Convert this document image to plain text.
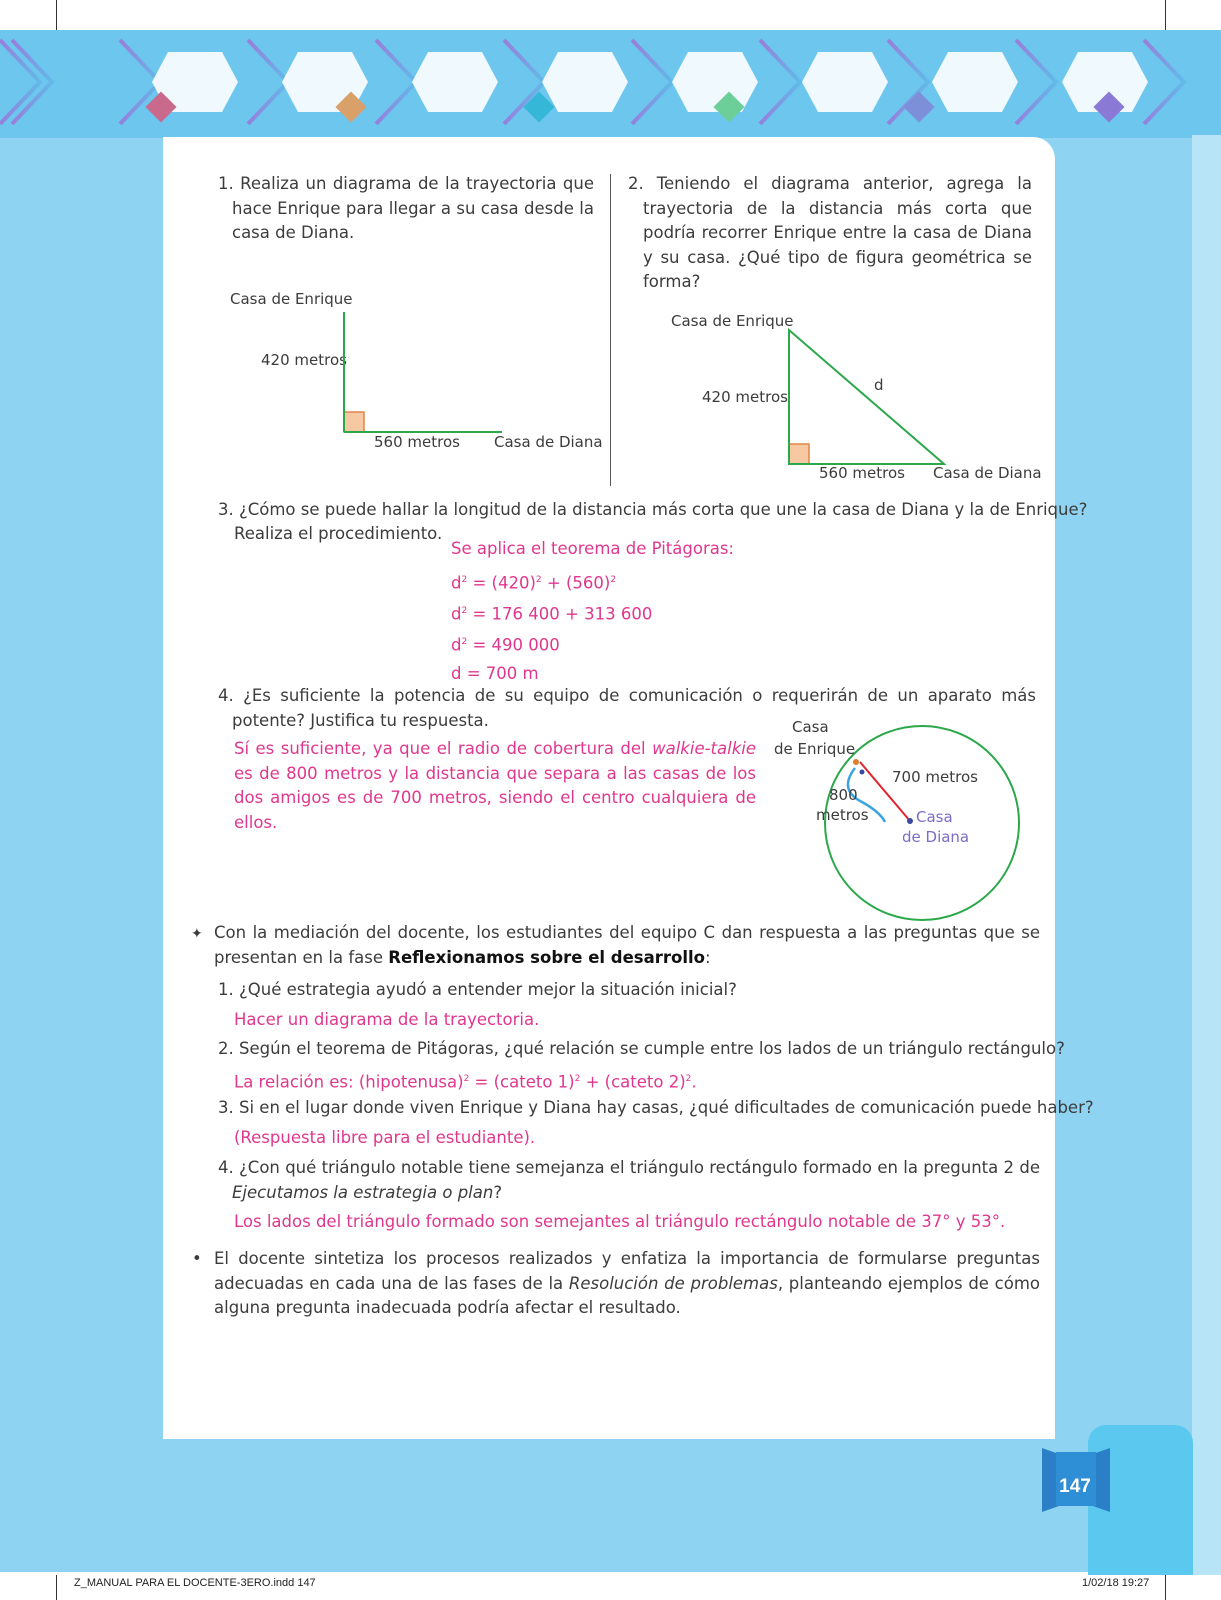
1. Realiza un diagrama de la trayectoria que hace Enrique para llegar a su casa desde la casa de Diana.
Casa de Enrique
420 metros
560 metros Casa de Diana
2. Teniendo el diagrama anterior, agrega la trayectoria de la distancia más corta que podría recorrer Enrique entre la casa de Diana y su casa. ¿Qué tipo de figura geométrica se forma?
Casa de Enrique
420 metros
d
560 metros Casa de Diana
3. ¿Cómo se puede hallar la longitud de la distancia más corta que une la casa de Diana y la de Enrique?
Realiza el procedimiento.
Se aplica el teorema de Pitágoras:
$d^2 = (420)^2 + (560)^2$
$d^2 = 176$ 400 + 313 600
$d^2 = 490$ 000
d = 700 m
4. ¿Es suficiente la potencia de su equipo de comunicación o requerirán de un aparato más potente? Justifica tu respuesta.
Sí es suficiente, ya que el radio de cobertura del walkie-talkie es de 800 metros y la distancia que separa a las casas de los dos amigos es de 700 metros, siendo el centro cualquiera de ellos.
Casa
de Enrique
700 metros
800
metros	Casa
de Diana
✦ Con la mediación del docente, los estudiantes del equipo C dan respuesta a las preguntas que se presentan en la fase Reflexionamos sobre el desarrollo:
1. ¿Qué estrategia ayudó a entender mejor la situación inicial?
Hacer un diagrama de la trayectoria.
2. Según el teorema de Pitágoras, ¿qué relación se cumple entre los lados de un triángulo rectángulo?
La relación es: (hipotenusa)$^2$ = (cateto 1)$^2$ + (cateto 2)$^2$.
3. Si en el lugar donde viven Enrique y Diana hay casas, ¿qué dificultades de comunicación puede haber?
(Respuesta libre para el estudiante).
4. ¿Con qué triángulo notable tiene semejanza el triángulo rectángulo formado en la pregunta 2 de Ejecutamos la estrategia o plan?
Los lados del triángulo formado son semejantes al triángulo rectángulo notable de 37° y 53°.
• El docente sintetiza los procesos realizados y enfatiza la importancia de formularse preguntas adecuadas en cada una de las fases de la Resolución de problemas, planteando ejemplos de cómo alguna pregunta inadecuada podría afectar el resultado.
147
Z_MANUAL PARA EL DOCENTE-3ERO.indd 147	1/02/18 19:27
